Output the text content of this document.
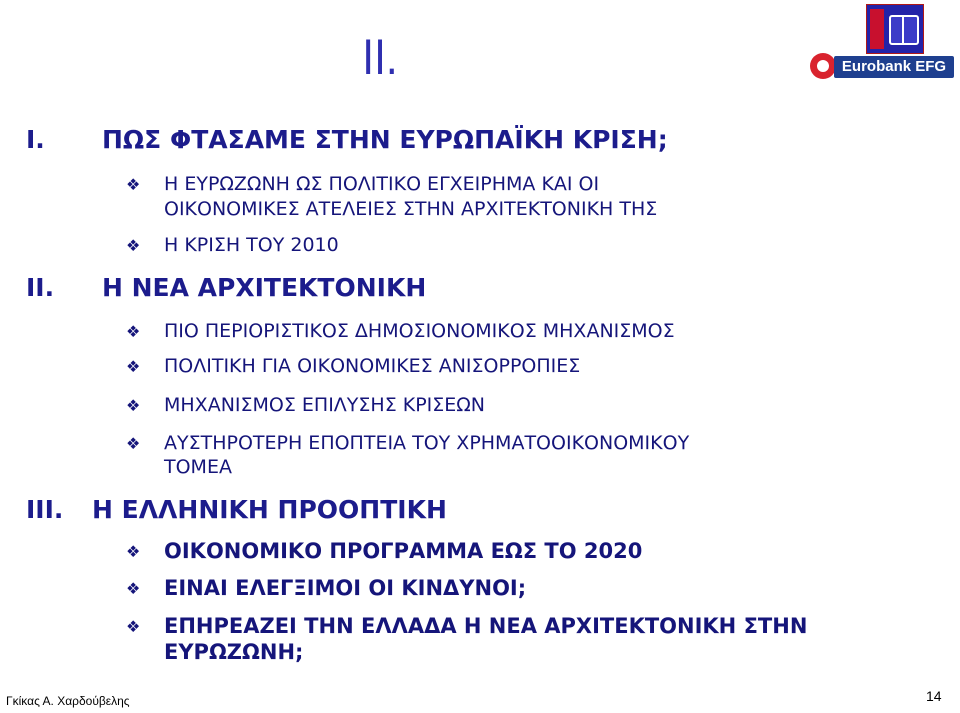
II.	Eurobank EFG
I. ΠΩΣ ΦΤΑΣΑΜΕ ΣΤΗΝ ΕΥΡΩΠΑΪΚΗ ΚΡΙΣΗ;
❖ Η ΕΥΡΩΖΩΝΗ ΩΣ ΠΟΛΙΤΙΚΟ ΕΓΧΕΙΡΗΜΑ ΚΑΙ ΟΙ
ΟΙΚΟΝΟΜΙΚΕΣ ΑΤΕΛΕΙΕΣ ΣΤΗΝ ΑΡΧΙΤΕΚΤΟΝΙΚΗ ΤΗΣ
❖ Η ΚΡΙΣΗ ΤΟΥ 2010
II. Η ΝΕΑ ΑΡΧΙΤΕΚΤΟΝΙΚΗ
❖ ΠΙΟ ΠΕΡΙΟΡΙΣΤΙΚΟΣ ΔΗΜΟΣΙΟΝΟΜΙΚΟΣ ΜΗΧΑΝΙΣΜΟΣ
❖ ΠΟΛΙΤΙΚΗ ΓΙΑ ΟΙΚΟΝΟΜΙΚΕΣ ΑΝΙΣΟΡΡΟΠΙΕΣ
❖ ΜΗΧΑΝΙΣΜΟΣ ΕΠΙΛΥΣΗΣ ΚΡΙΣΕΩΝ
❖ ΑΥΣΤΗΡΟΤΕΡΗ ΕΠΟΠΤΕΙΑ ΤΟΥ ΧΡΗΜΑΤΟΟΙΚΟΝΟΜΙΚΟΥ
ΤΟΜΕΑ
III. Η ΕΛΛΗΝΙΚΗ ΠΡΟΟΠΤΙΚΗ
❖ ΟΙΚΟΝΟΜΙΚΟ ΠΡΟΓΡΑΜΜΑ ΕΩΣ ΤΟ 2020
❖ ΕΙΝΑΙ ΕΛΕΓΞΙΜΟΙ ΟΙ ΚΙΝΔΥΝΟΙ;
❖ ΕΠΗΡΕΑΖΕΙ ΤΗΝ ΕΛΛΑΔΑ Η ΝΕΑ ΑΡΧΙΤΕΚΤΟΝΙΚΗ ΣΤΗΝ
ΕΥΡΩΖΩΝΗ;
Γκίκας Α. Χαρδούβελης	14
